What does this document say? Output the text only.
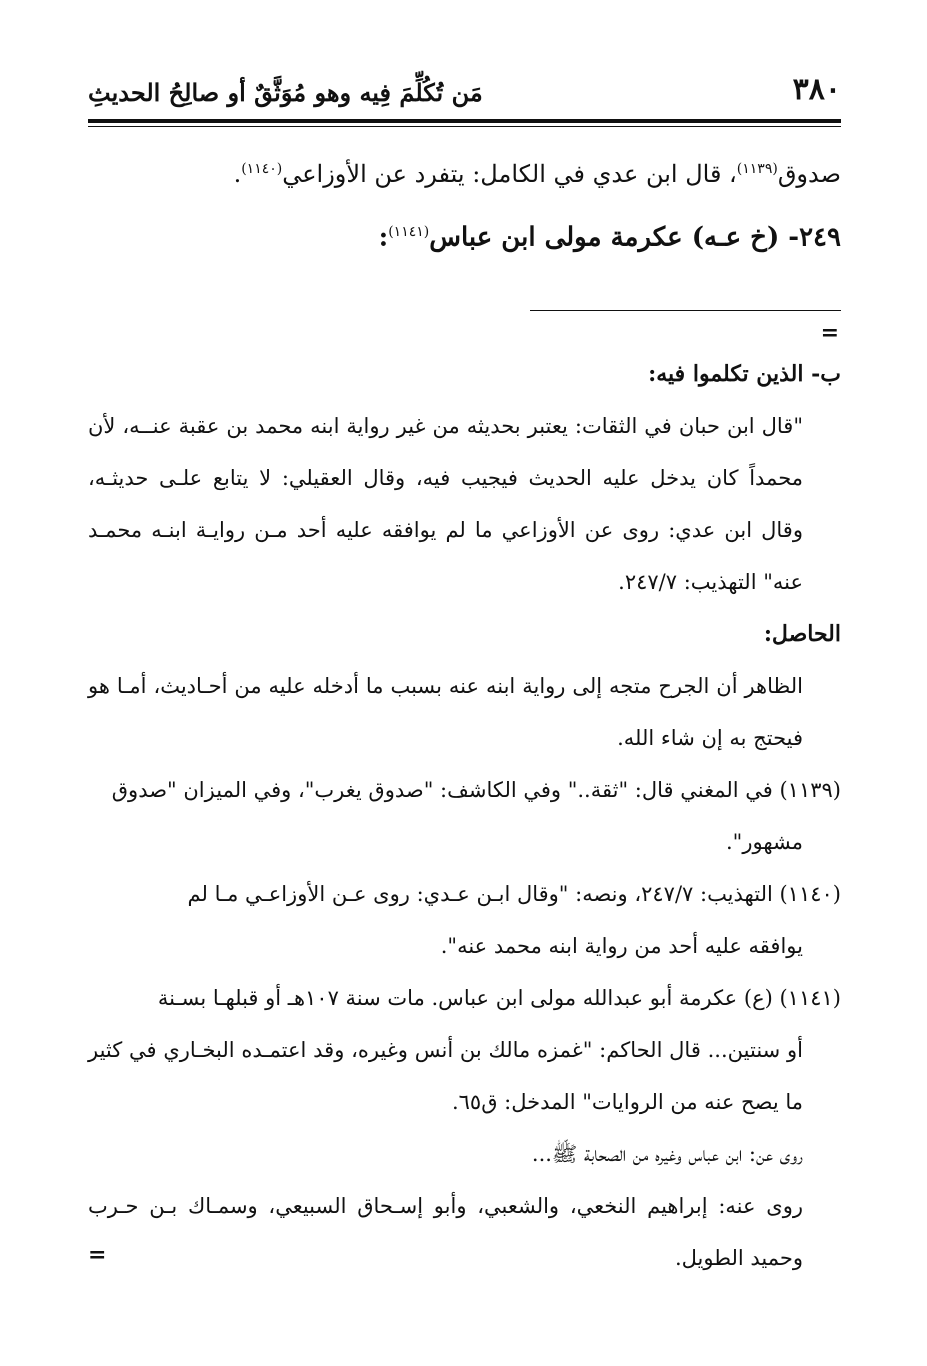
٣٨٠
مَن تُكُلِّمَ فِيه وهو مُوَثَّقٌ أو صالِحُ الحديثِ

صدوق$^{(١١٣٩)}$، قال ابن عدي في الكامل: يتفرد عن الأوزاعي$^{(١١٤٠)}$.

٢٤٩- (خ عـه) عكرمة مولى ابن عباس$^{(١١٤١)}$:

=

ب- الذين تكلموا فيه:

"قال ابن حبان في الثقات: يعتبر بحديثه من غير رواية ابنه محمد بن عقبة عنــه، لأن محمداً كان يدخل عليه الحديث فيجيب فيه، وقال العقيلي: لا يتابع علـى حديثـه، وقال ابن عدي: روى عن الأوزاعي ما لم يوافقه عليه أحد مـن روايـة ابنـه محمـد عنه" التهذيب: ٢٤٧/٧.

الحاصل:

الظاهر أن الجرح متجه إلى رواية ابنه عنه بسبب ما أدخله عليه من أحـاديث، أمـا هو فيحتج به إن شاء الله.

(١١٣٩) في المغني قال: "ثقة.." وفي الكاشف: "صدوق يغرب"، وفي الميزان "صدوق
مشهور".

(١١٤٠) التهذيب: ٢٤٧/٧، ونصه: "وقال ابـن عـدي: روى عـن الأوزاعـي مـا لم
يوافقه عليه أحد من رواية ابنه محمد عنه".

(١١٤١) (ع) عكرمة أبو عبدالله مولى ابن عباس. مات سنة ١٠٧هـ أو قبلهـا بسـنة
أو سنتين... قال الحاكم: "غمزه مالك بن أنس وغيره، وقد اعتمـده البخـاري في كثير ما يصح عنه من الروايات" المدخل: ق٦٥.

روى عن: ابن عباس وغيره من الصحابة ﷺ...

روى عنه: إبراهيم النخعي، والشعبي، وأبو إسـحاق السبيعي، وسمـاك بـن حـرب وحميد الطويل.

=
